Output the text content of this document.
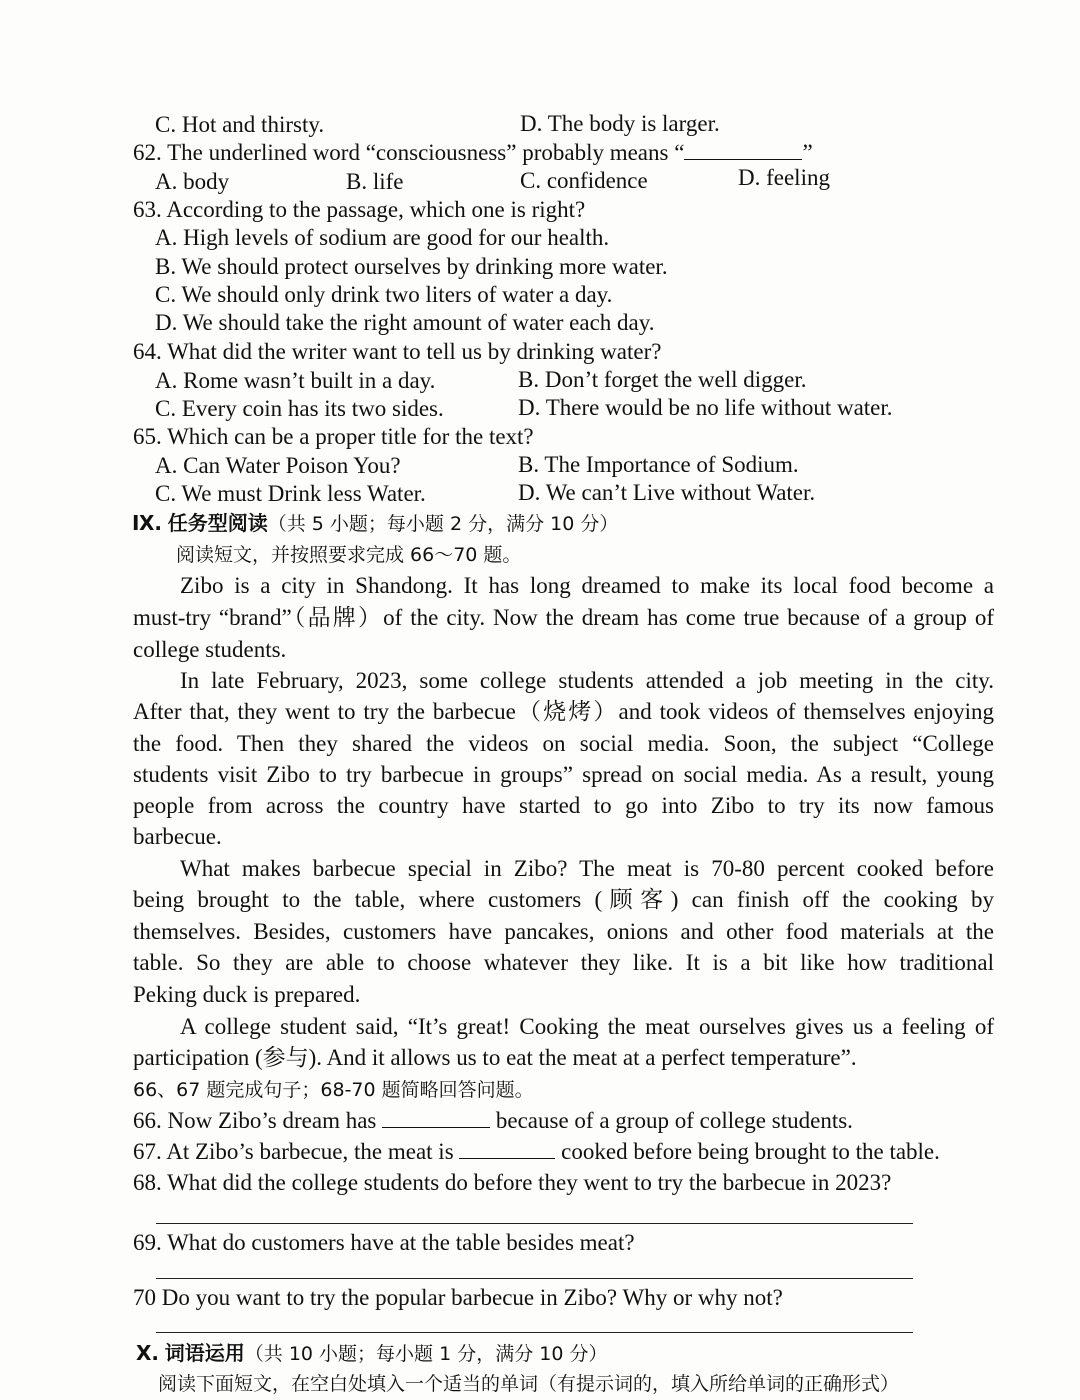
C. Hot and thirsty.	D. The body is larger.
62. The underlined word “consciousness” probably means “	”
A. body	B. life	C. confidence	D. feeling
63. According to the passage, which one is right?
A. High levels of sodium are good for our health.
B. We should protect ourselves by drinking more water.
C. We should only drink two liters of water a day.
D. We should take the right amount of water each day.
64. What did the writer want to tell us by drinking water?
A. Rome wasn’t built in a day.	B. Don’t forget the well digger.
C. Every coin has its two sides.	D. There would be no life without water.
65. Which can be a proper title for the text?
A. Can Water Poison You?	B. The Importance of Sodium.
C. We must Drink less Water.	D. We can’t Live without Water.
Ⅸ. 任务型阅读（共 5 小题；每小题 2 分，满分 10 分）
阅读短文，并按照要求完成 66～70 题。
Zibo is a city in Shandong. It has long dreamed to make its local food become a
must-try “brand”（品牌）of the city. Now the dream has come true because of a group of
college students.
In late February, 2023, some college students attended a job meeting in the city.
After that, they went to try the barbecue（烧烤）and took videos of themselves enjoying
the food. Then they shared the videos on social media. Soon, the subject “College
students visit Zibo to try barbecue in groups” spread on social media. As a result, young
people from across the country have started to go into Zibo to try its now famous
barbecue.
What makes barbecue special in Zibo? The meat is 70-80 percent cooked before
being brought to the table, where customers (顾客) can finish off the cooking by
themselves. Besides, customers have pancakes, onions and other food materials at the
table. So they are able to choose whatever they like. It is a bit like how traditional
Peking duck is prepared.
A college student said, “It’s great! Cooking the meat ourselves gives us a feeling of
participation (参与). And it allows us to eat the meat at a perfect temperature”.
66、67 题完成句子；68-70 题简略回答问题。
66. Now Zibo’s dream has	because of a group of college students.
67. At Zibo’s barbecue, the meat is	cooked before being brought to the table.
68. What did the college students do before they went to try the barbecue in 2023?
69. What do customers have at the table besides meat?
70 Do you want to try the popular barbecue in Zibo? Why or why not?
X. 词语运用（共 10 小题；每小题 1 分，满分 10 分）
阅读下面短文，在空白处填入一个适当的单词（有提示词的，填入所给单词的正确形式）
